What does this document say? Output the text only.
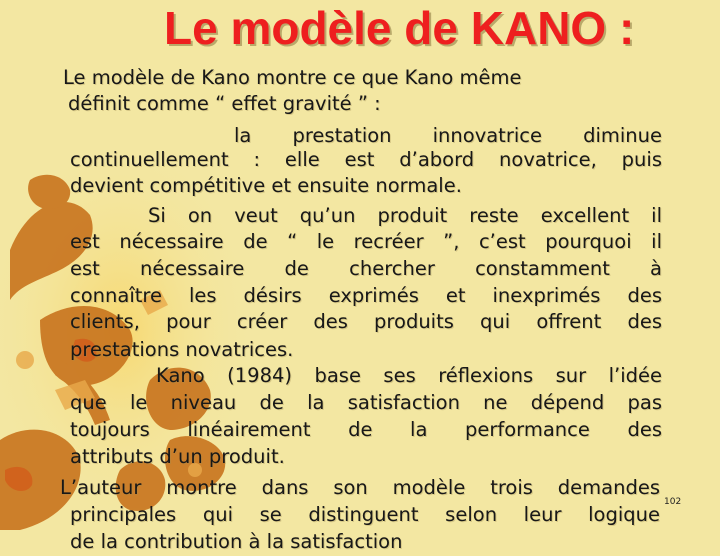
Le modèle de KANO :
Le modèle de Kano montre ce que Kano même
définit comme “ effet gravité ” :
la prestation innovatrice diminue
continuellement : elle est d’abord novatrice, puis
devient compétitive et ensuite normale.
Si on veut qu’un produit reste excellent il
est nécessaire de “ le recréer ”, c’est pourquoi il
est nécessaire de chercher constamment à
connaître les désirs exprimés et inexprimés des
clients, pour créer des produits qui offrent des
prestations novatrices.
Kano (1984) base ses réflexions sur l’idée
que le niveau de la satisfaction ne dépend pas
toujours linéairement de la performance des
attributs d’un produit.
L’auteur montre dans son modèle trois demandes
principales qui se distinguent selon leur logique
de la contribution à la satisfaction
102
